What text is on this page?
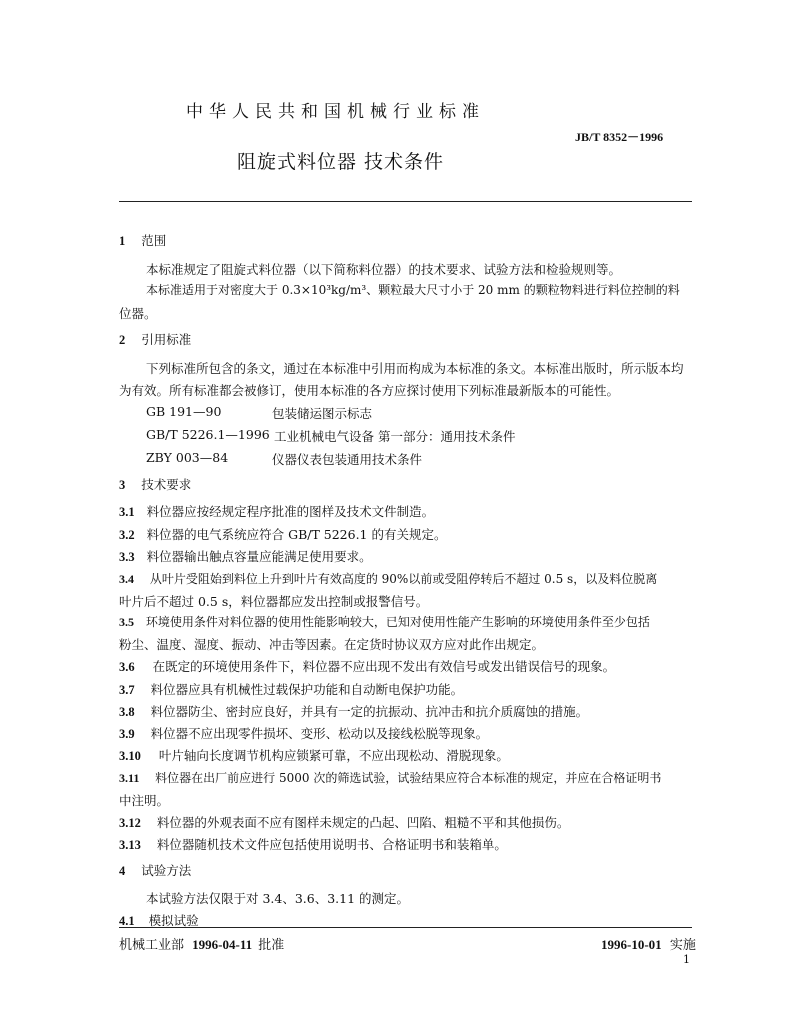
中华人民共和国机械行业标准
JB/T 8352－1996
阻旋式料位器 技术条件
1 范围
本标准规定了阻旋式料位器（以下简称料位器）的技术要求、试验方法和检验规则等。
本标准适用于对密度大于 0.3×10³kg/m³、颗粒最大尺寸小于 20 mm 的颗粒物料进行料位控制的料
位器。
2 引用标准
下列标准所包含的条文，通过在本标准中引用而构成为本标准的条文。本标准出版时，所示版本均
为有效。所有标准都会被修订，使用本标准的各方应探讨使用下列标准最新版本的可能性。
GB 191—90	包装储运图示标志
GB/T 5226.1—1996 工业机械电气设备 第一部分：通用技术条件
ZBY 003—84	仪器仪表包装通用技术条件
3 技术要求
3.1 料位器应按经规定程序批准的图样及技术文件制造。
3.2 料位器的电气系统应符合 GB/T 5226.1 的有关规定。
3.3 料位器输出触点容量应能满足使用要求。
3.4 从叶片受阻始到料位上升到叶片有效高度的 90%以前或受阻停转后不超过 0.5 s，以及料位脱离
叶片后不超过 0.5 s，料位器都应发出控制或报警信号。
3.5 环境使用条件对料位器的使用性能影响较大，已知对使用性能产生影响的环境使用条件至少包括
粉尘、温度、湿度、振动、冲击等因素。在定货时协议双方应对此作出规定。
3.6 在既定的环境使用条件下，料位器不应出现不发出有效信号或发出错误信号的现象。
3.7 料位器应具有机械性过载保护功能和自动断电保护功能。
3.8 料位器防尘、密封应良好，并具有一定的抗振动、抗冲击和抗介质腐蚀的措施。
3.9 料位器不应出现零件损坏、变形、松动以及接线松脱等现象。
3.10 叶片轴向长度调节机构应锁紧可靠，不应出现松动、滑脱现象。
3.11 料位器在出厂前应进行 5000 次的筛选试验，试验结果应符合本标准的规定，并应在合格证明书
中注明。
3.12 料位器的外观表面不应有图样未规定的凸起、凹陷、粗糙不平和其他损伤。
3.13 料位器随机技术文件应包括使用说明书、合格证明书和装箱单。
4 试验方法
本试验方法仅限于对 3.4、3.6、3.11 的测定。
4.1 模拟试验
机械工业部 1996-04-11 批准	1996-10-01 实施
1
